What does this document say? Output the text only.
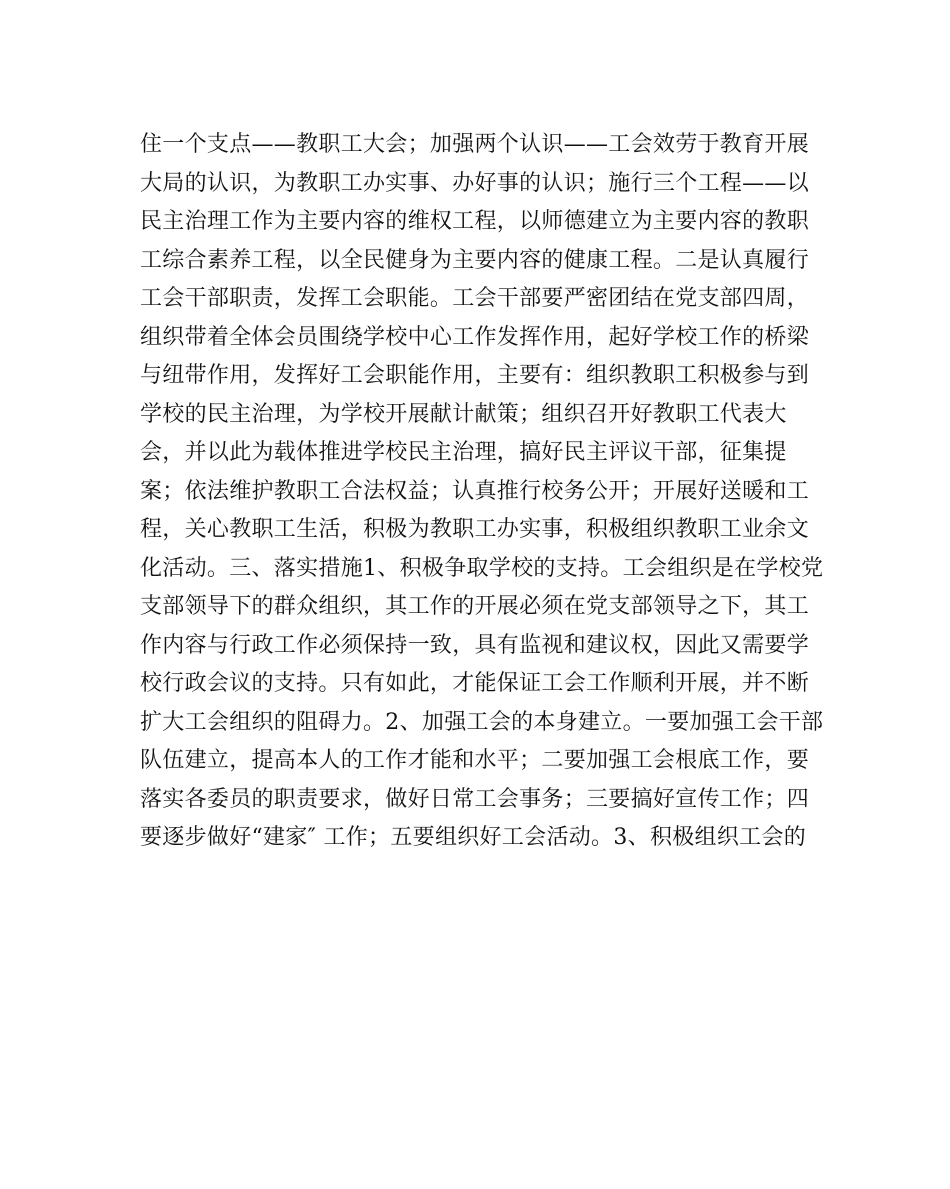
住一个支点——教职工大会；加强两个认识——工会效劳于教育开展
大局的认识，为教职工办实事、办好事的认识；施行三个工程——以
民主治理工作为主要内容的维权工程，以师德建立为主要内容的教职
工综合素养工程，以全民健身为主要内容的健康工程。二是认真履行
工会干部职责，发挥工会职能。工会干部要严密团结在党支部四周，
组织带着全体会员围绕学校中心工作发挥作用，起好学校工作的桥梁
与纽带作用，发挥好工会职能作用，主要有：组织教职工积极参与到
学校的民主治理，为学校开展献计献策；组织召开好教职工代表大
会，并以此为载体推进学校民主治理，搞好民主评议干部，征集提
案；依法维护教职工合法权益；认真推行校务公开；开展好送暖和工
程，关心教职工生活，积极为教职工办实事，积极组织教职工业余文
化活动。三、落实措施1、积极争取学校的支持。工会组织是在学校党
支部领导下的群众组织，其工作的开展必须在党支部领导之下，其工
作内容与行政工作必须保持一致，具有监视和建议权，因此又需要学
校行政会议的支持。只有如此，才能保证工会工作顺利开展，并不断
扩大工会组织的阻碍力。2、加强工会的本身建立。一要加强工会干部
队伍建立，提高本人的工作才能和水平；二要加强工会根底工作，要
落实各委员的职责要求，做好日常工会事务；三要搞好宣传工作；四
要逐步做好“建家″ 工作；五要组织好工会活动。3、积极组织工会的
